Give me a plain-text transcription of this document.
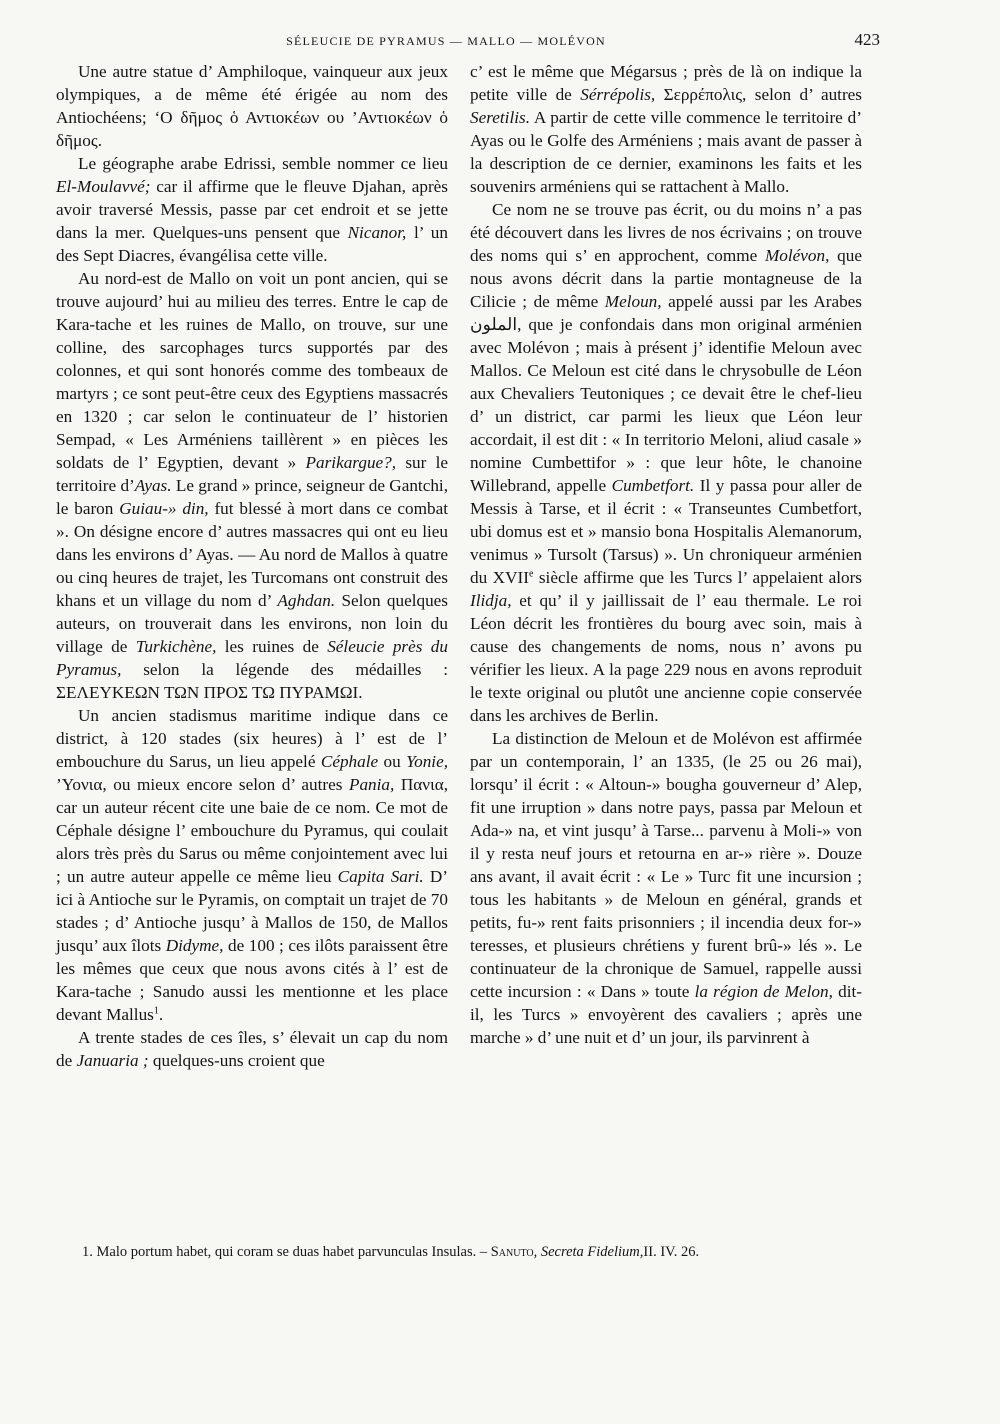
SÉLEUCIE DE PYRAMUS — MALLO — MOLÉVON	423

Une autre statue d’ Amphiloque, vainqueur aux jeux olympiques, a de même été érigée au nom des Antiochéens; ‘Ο δῆμος ὁ Αντιοκέων ου ’Αντιοκέων ὁ δῆμος.

Le géographe arabe Edrissi, semble nommer ce lieu El-Moulavvé; car il affirme que le fleuve Djahan, après avoir traversé Messis, passe par cet endroit et se jette dans la mer. Quelques-uns pensent que Nicanor, l’ un des Sept Diacres, évangélisa cette ville.

Au nord-est de Mallo on voit un pont ancien, qui se trouve aujourd’ hui au milieu des terres. Entre le cap de Kara-tache et les ruines de Mallo, on trouve, sur une colline, des sarcophages turcs supportés par des colonnes, et qui sont honorés comme des tombeaux de martyrs ; ce sont peut-être ceux des Egyptiens massacrés en 1320 ; car selon le continuateur de l’ historien Sempad, « Les Arméniens taillèrent » en pièces les soldats de l’ Egyptien, devant » Parikargue?, sur le territoire d’Ayas. Le grand » prince, seigneur de Gantchi, le baron Guiau-» din, fut blessé à mort dans ce combat ». On désigne encore d’ autres massacres qui ont eu lieu dans les environs d’ Ayas. — Au nord de Mallos à quatre ou cinq heures de trajet, les Turcomans ont construit des khans et un village du nom d’ Aghdan. Selon quelques auteurs, on trouverait dans les environs, non loin du village de Turkichène, les ruines de Séleucie près du Pyramus, selon la légende des médailles : ΣΕΛΕΥΚΕΩΝ ΤΩΝ ΠΡΟΣ ΤΩ ΠΥΡΑΜΩΙ.

Un ancien stadismus maritime indique dans ce district, à 120 stades (six heures) à l’ est de l’ embouchure du Sarus, un lieu appelé Céphale ou Yonie, ’Υονια, ou mieux encore selon d’ autres Pania, Πανια, car un auteur récent cite une baie de ce nom. Ce mot de Céphale désigne l’ embouchure du Pyramus, qui coulait alors très près du Sarus ou même conjointement avec lui ; un autre auteur appelle ce même lieu Capita Sari. D’ ici à Antioche sur le Pyramis, on comptait un trajet de 70 stades ; d’ Antioche jusqu’ à Mallos de 150, de Mallos jusqu’ aux îlots Didyme, de 100 ; ces ilôts paraissent être les mêmes que ceux que nous avons cités à l’ est de Kara-tache ; Sanudo aussi les mentionne et les place devant Mallus$^1$.

A trente stades de ces îles, s’ élevait un cap du nom de Januaria ; quelques-uns croient que

c’ est le même que Mégarsus ; près de là on indique la petite ville de Sérrépolis, Σερρέπολις, selon d’ autres Seretilis. A partir de cette ville commence le territoire d’ Ayas ou le Golfe des Arméniens ; mais avant de passer à la description de ce dernier, examinons les faits et les souvenirs arméniens qui se rattachent à Mallo.

Ce nom ne se trouve pas écrit, ou du moins n’ a pas été découvert dans les livres de nos écrivains ; on trouve des noms qui s’ en approchent, comme Molévon, que nous avons décrit dans la partie montagneuse de la Cilicie ; de même Meloun, appelé aussi par les Arabes الملون, que je confondais dans mon original arménien avec Molévon ; mais à présent j’ identifie Meloun avec Mallos. Ce Meloun est cité dans le chrysobulle de Léon aux Chevaliers Teutoniques ; ce devait être le chef-lieu d’ un district, car parmi les lieux que Léon leur accordait, il est dit : « In territorio Meloni, aliud casale » nomine Cumbettifor » : que leur hôte, le chanoine Willebrand, appelle Cumbetfort. Il y passa pour aller de Messis à Tarse, et il écrit : « Transeuntes Cumbetfort, ubi domus est et » mansio bona Hospitalis Alemanorum, venimus » Tursolt (Tarsus) ». Un chroniqueur arménien du XVIIe siècle affirme que les Turcs l’ appelaient alors Ilidja, et qu’ il y jaillissait de l’ eau thermale. Le roi Léon décrit les frontières du bourg avec soin, mais à cause des changements de noms, nous n’ avons pu vérifier les lieux. A la page 229 nous en avons reproduit le texte original ou plutôt une ancienne copie conservée dans les archives de Berlin.

La distinction de Meloun et de Molévon est affirmée par un contemporain, l’ an 1335, (le 25 ou 26 mai), lorsqu’ il écrit : « Altoun-» bougha gouverneur d’ Alep, fit une irruption » dans notre pays, passa par Meloun et Ada-» na, et vint jusqu’ à Tarse... parvenu à Moli-» von il y resta neuf jours et retourna en ar-» rière ». Douze ans avant, il avait écrit : « Le » Turc fit une incursion ; tous les habitants » de Meloun en général, grands et petits, fu-» rent faits prisonniers ; il incendia deux for-» teresses, et plusieurs chrétiens y furent brû-» lés ». Le continuateur de la chronique de Samuel, rappelle aussi cette incursion : « Dans » toute la région de Melon, dit-il, les Turcs » envoyèrent des cavaliers ; après une marche » d’ une nuit et d’ un jour, ils parvinrent à

1. Malo portum habet, qui coram se duas habet parvunculas Insulas. – Sanuto, Secreta Fidelium,II. IV. 26.
